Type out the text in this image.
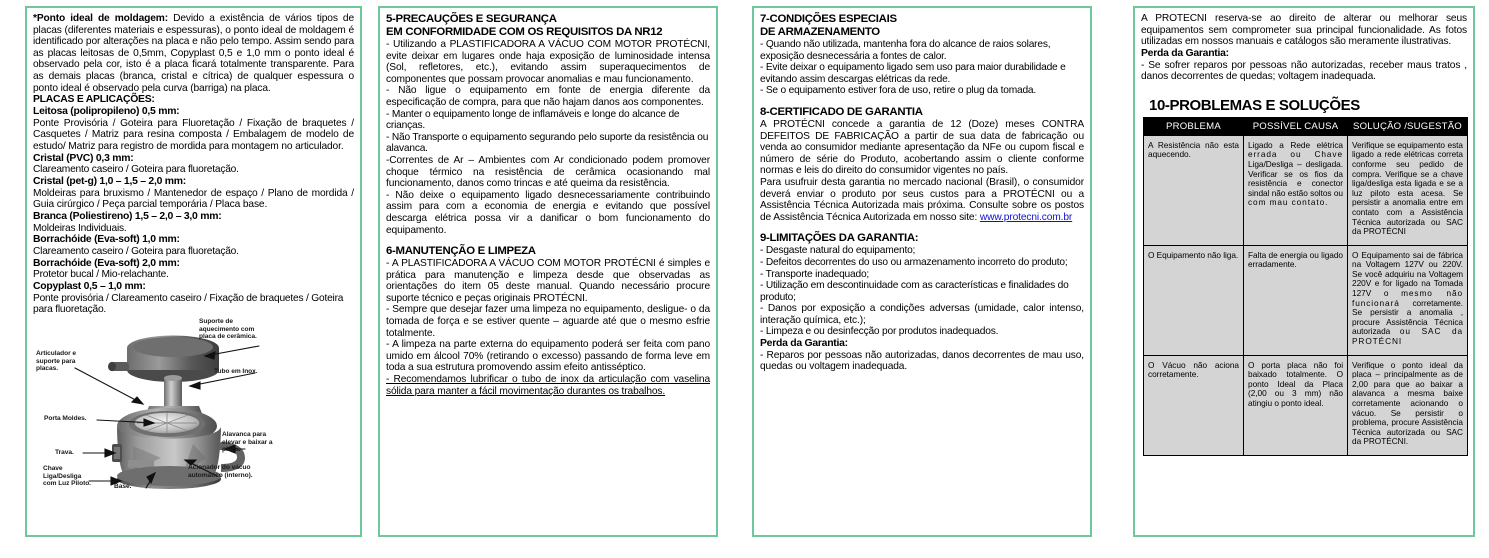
*Ponto ideal de moldagem: Devido a existência de vários tipos de placas (diferentes materiais e espessuras), o ponto ideal de moldagem é identificado por alterações na placa e não pelo tempo. Assim sendo para as placas leitosas de 0,5mm, Copyplast 0,5 e 1,0 mm o ponto ideal é observado pela cor, isto é a placa ficará totalmente transparente. Para as demais placas (branca, cristal e cítrica) de qualquer espessura o ponto ideal é observado pela curva (barriga) na placa.

PLACAS E APLICAÇÕES:

Leitosa (polipropileno) 0,5 mm:

Ponte Provisória / Goteira para Fluoretação / Fixação de braquetes / Casquetes / Matriz para resina composta / Embalagem de modelo de estudo/ Matriz para registro de mordida para montagem no articulador.

Cristal (PVC) 0,3 mm:

Clareamento caseiro / Goteira para fluoretação.

Cristal (pet-g) 1,0 – 1,5 – 2,0 mm:

Moldeiras para bruxismo / Mantenedor de espaço / Plano de mordida / Guia cirúrgico / Peça parcial temporária / Placa base.

Branca (Poliestireno) 1,5 – 2,0 – 3,0 mm:

Moldeiras Individuais.

Borrachóide (Eva-soft) 1,0 mm:

Clareamento caseiro / Goteira para fluoretação.

Borrachóide (Eva-soft) 2,0 mm:

Protetor bucal / Mio-relachante.

Copyplast 0,5 – 1,0 mm:

Ponte provisória / Clareamento caseiro / Fixação de braquetes / Goteira para fluoretação.

Suporte de aquecimento com placa de cerâmica.
Articulador e suporte para placas.	Tubo em Inox.
Porta Moldes.
Alavanca para elevar e baixar a placa.
Trava.
Acionador do vácuo automático (interno).
Chave Liga/Desliga com Luz Piloto.	Base.

5-PRECAUÇÕES E SEGURANÇA

EM CONFORMIDADE COM OS REQUISITOS DA NR12

- Utilizando a PLASTIFICADORA A VÁCUO COM MOTOR PROTÉCNI, evite deixar em lugares onde haja exposição de luminosidade intensa (Sol, refletores, etc.), evitando assim superaquecimentos de componentes que possam provocar anomalias e mau funcionamento.

- Não ligue o equipamento em fonte de energia diferente da especificação de compra, para que não hajam danos aos componentes.

- Manter o equipamento longe de inflamáveis e longe do alcance de crianças.

- Não Transporte o equipamento segurando pelo suporte da resistência ou alavanca.

-Correntes de Ar – Ambientes com Ar condicionado podem promover choque térmico na resistência de cerâmica ocasionando mal funcionamento, danos como trincas e até queima da resistência.

- Não deixe o equipamento ligado desnecessariamente contribuindo assim para com a economia de energia e evitando que possível descarga elétrica possa vir a danificar o bom funcionamento do equipamento.

6-MANUTENÇÃO E LIMPEZA

- A PLASTIFICADORA A VÁCUO COM MOTOR PROTÉCNI é simples e prática para manutenção e limpeza desde que observadas as orientações do item 05 deste manual. Quando necessário procure suporte técnico e peças originais PROTÉCNI.

- Sempre que desejar fazer uma limpeza no equipamento, desligue- o da tomada de força e se estiver quente – aguarde até que o mesmo esfrie totalmente.

- A limpeza na parte externa do equipamento poderá ser feita com pano umido em álcool 70% (retirando o excesso) passando de forma leve em toda a sua estrutura promovendo assim efeito antisséptico.

- Recomendamos lubrificar o tubo de inox da articulação com vaselina sólida para manter a fácil movimentação durantes os trabalhos.

7-CONDIÇÕES ESPECIAIS

DE ARMAZENAMENTO

- Quando não utilizada, mantenha fora do alcance de raios solares, exposição desnecessária a fontes de calor.

- Evite deixar o equipamento ligado sem uso para maior durabilidade e evitando assim descargas elétricas da rede.

- Se o equipamento estiver fora de uso, retire o plug da tomada.

8-CERTIFICADO DE GARANTIA

A PROTÉCNI concede a garantia de 12 (Doze) meses CONTRA DEFEITOS DE FABRICAÇÃO a partir de sua data de fabricação ou venda ao consumidor mediante apresentação da NFe ou cupom fiscal e número de série do Produto, acobertando assim o cliente conforme normas e leis do direito do consumidor vigentes no país.

Para usufruir desta garantia no mercado nacional (Brasil), o consumidor deverá enviar o produto por seus custos para a PROTÉCNI ou a Assistência Técnica Autorizada mais próxima. Consulte sobre os postos de Assistência Técnica Autorizada em nosso site: www.protecni.com.br

9-LIMITAÇÕES DA GARANTIA:

- Desgaste natural do equipamento;

- Defeitos decorrentes do uso ou armazenamento incorreto do produto;

- Transporte inadequado;

- Utilização em descontinuidade com as características e finalidades do produto;

- Danos por exposição a condições adversas (umidade, calor intenso, interação química, etc.);

- Limpeza e ou desinfecção por produtos inadequados.

Perda da Garantia:

- Reparos por pessoas não autorizadas, danos decorrentes de mau uso, quedas ou voltagem inadequada.

A PROTECNI reserva-se ao direito de alterar ou melhorar seus equipamentos sem comprometer sua principal funcionalidade. As fotos utilizadas em nossos manuais e catálogos são meramente ilustrativas.

Perda da Garantia:

- Se sofrer reparos por pessoas não autorizadas, receber maus tratos , danos decorrentes de quedas; voltagem inadequada.

10-PROBLEMAS E SOLUÇÕES
PROBLEMA	POSSÍVEL CAUSA	SOLUÇÃO /SUGESTÃO
A Resistência não esta aquecendo.	Ligado a Rede elétrica errada ou Chave Liga/Desliga – desligada. Verificar se os fios da resistência e conector sindal não estão soltos ou com mau contato.	Verifique se equipamento esta ligado a rede elétricas correta conforme seu pedido de compra. Verifique se a chave liga/desliga esta ligada e se a luz piloto esta acesa. Se persistir a anomalia entre em contato com a Assistência Técnica autorizada ou SAC da PROTÉCNI
O Equipamento não liga.	Falta de energia ou ligado erradamente.	O Equipamento sai de fábrica na Voltagem 127V ou 220V. Se você adquiriu na Voltagem 220V e for ligado na Tomada 127V o mesmo não funcionará corretamente. Se persistir a anomalia , procure Assistência Técnica autorizada ou SAC da PROTÉCNI
O Vácuo não aciona corretamente.	O porta placa não foi baixado totalmente. O ponto Ideal da Placa (2,00 ou 3 mm) não atingiu o ponto ideal.	Verifique o ponto ideal da placa – principalmente as de 2,00 para que ao baixar a alavanca a mesma baixe corretamente acionando o vácuo. Se persistir o problema, procure Assistência Técnica autorizada ou SAC da PROTÉCNI.
